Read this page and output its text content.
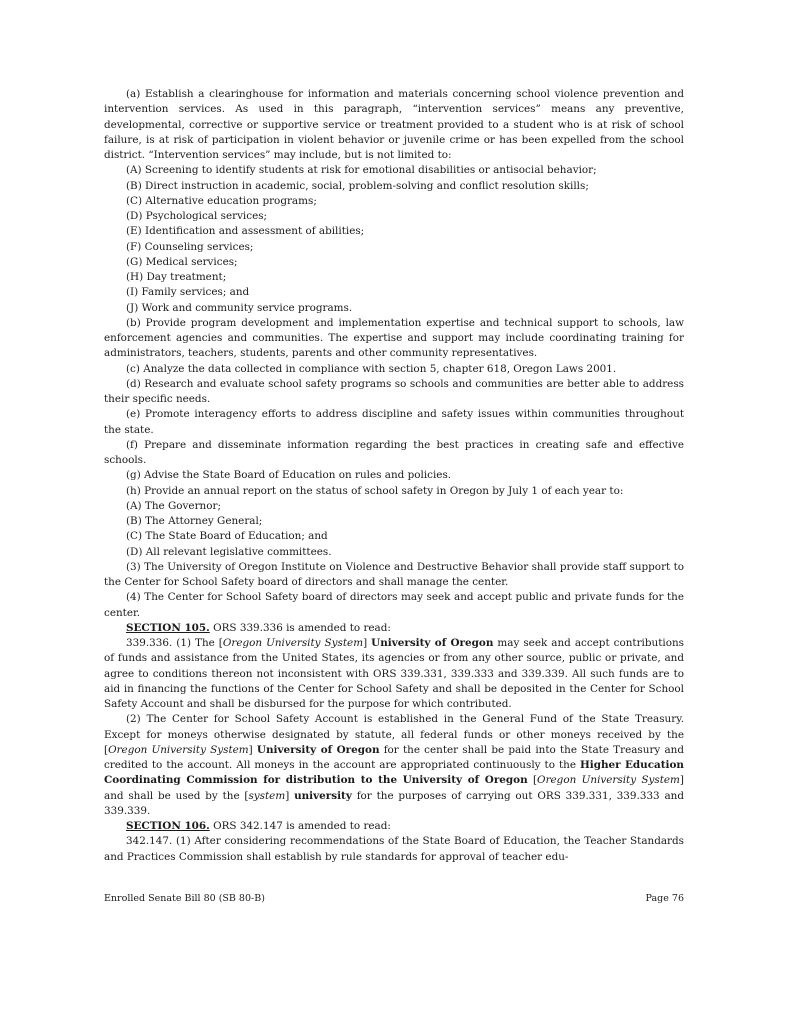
(a) Establish a clearinghouse for information and materials concerning school violence prevention and intervention services. As used in this paragraph, “intervention services” means any preventive, developmental, corrective or supportive service or treatment provided to a student who is at risk of school failure, is at risk of participation in violent behavior or juvenile crime or has been expelled from the school district. “Intervention services” may include, but is not limited to:

(A) Screening to identify students at risk for emotional disabilities or antisocial behavior;

(B) Direct instruction in academic, social, problem-solving and conflict resolution skills;

(C) Alternative education programs;

(D) Psychological services;

(E) Identification and assessment of abilities;

(F) Counseling services;

(G) Medical services;

(H) Day treatment;

(I) Family services; and

(J) Work and community service programs.

(b) Provide program development and implementation expertise and technical support to schools, law enforcement agencies and communities. The expertise and support may include coordinating training for administrators, teachers, students, parents and other community representatives.

(c) Analyze the data collected in compliance with section 5, chapter 618, Oregon Laws 2001.

(d) Research and evaluate school safety programs so schools and communities are better able to address their specific needs.

(e) Promote interagency efforts to address discipline and safety issues within communities throughout the state.

(f) Prepare and disseminate information regarding the best practices in creating safe and effective schools.

(g) Advise the State Board of Education on rules and policies.

(h) Provide an annual report on the status of school safety in Oregon by July 1 of each year to:

(A) The Governor;

(B) The Attorney General;

(C) The State Board of Education; and

(D) All relevant legislative committees.

(3) The University of Oregon Institute on Violence and Destructive Behavior shall provide staff support to the Center for School Safety board of directors and shall manage the center.

(4) The Center for School Safety board of directors may seek and accept public and private funds for the center.

SECTION 105. ORS 339.336 is amended to read:

339.336. (1) The [Oregon University System] University of Oregon may seek and accept contributions of funds and assistance from the United States, its agencies or from any other source, public or private, and agree to conditions thereon not inconsistent with ORS 339.331, 339.333 and 339.339. All such funds are to aid in financing the functions of the Center for School Safety and shall be deposited in the Center for School Safety Account and shall be disbursed for the purpose for which contributed.

(2) The Center for School Safety Account is established in the General Fund of the State Treasury. Except for moneys otherwise designated by statute, all federal funds or other moneys received by the [Oregon University System] University of Oregon for the center shall be paid into the State Treasury and credited to the account. All moneys in the account are appropriated continuously to the Higher Education Coordinating Commission for distribution to the University of Oregon [Oregon University System] and shall be used by the [system] university for the purposes of carrying out ORS 339.331, 339.333 and 339.339.

SECTION 106. ORS 342.147 is amended to read:

342.147. (1) After considering recommendations of the State Board of Education, the Teacher Standards and Practices Commission shall establish by rule standards for approval of teacher edu-

Enrolled Senate Bill 80 (SB 80-B)	Page 76
